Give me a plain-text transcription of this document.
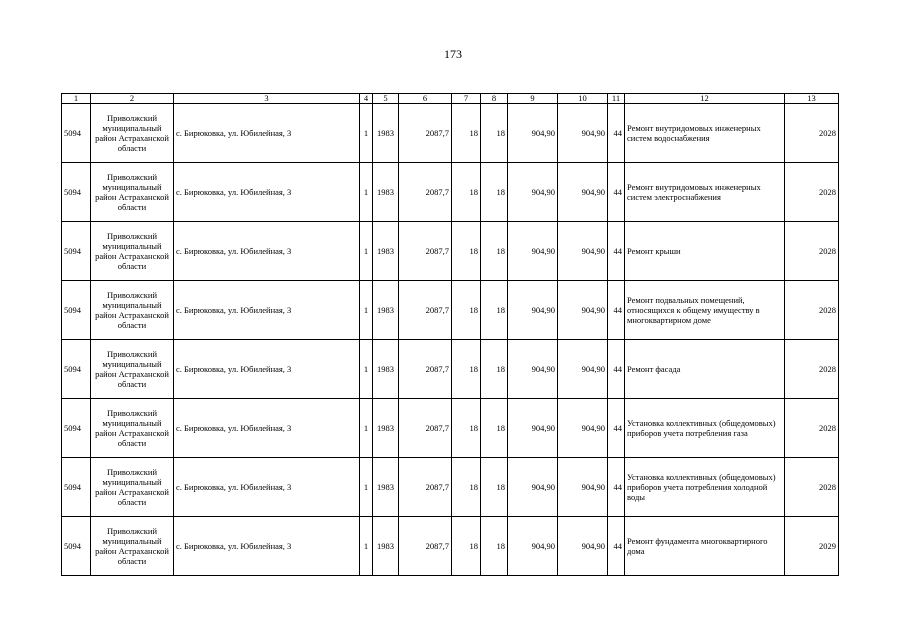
173
1	2	3	4	5	6	7	8	9	10	11	12	13
5094	Приволжский муниципальный район Астраханской области	с. Бирюковка, ул. Юбилейная, 3	1	1983	2087,7	18	18	904,90	904,90	44	Ремонт внутридомовых инженерных систем водоснабжения	2028
5094	Приволжский муниципальный район Астраханской области	с. Бирюковка, ул. Юбилейная, 3	1	1983	2087,7	18	18	904,90	904,90	44	Ремонт внутридомовых инженерных систем электроснабжения	2028
5094	Приволжский муниципальный район Астраханской области	с. Бирюковка, ул. Юбилейная, 3	1	1983	2087,7	18	18	904,90	904,90	44	Ремонт крыши	2028
5094	Приволжский муниципальный район Астраханской области	с. Бирюковка, ул. Юбилейная, 3	1	1983	2087,7	18	18	904,90	904,90	44	Ремонт подвальных помещений, относящихся к общему имуществу в многоквартирном доме	2028
5094	Приволжский муниципальный район Астраханской области	с. Бирюковка, ул. Юбилейная, 3	1	1983	2087,7	18	18	904,90	904,90	44	Ремонт фасада	2028
5094	Приволжский муниципальный район Астраханской области	с. Бирюковка, ул. Юбилейная, 3	1	1983	2087,7	18	18	904,90	904,90	44	Установка коллективных (общедомовых) приборов учета потребления газа	2028
5094	Приволжский муниципальный район Астраханской области	с. Бирюковка, ул. Юбилейная, 3	1	1983	2087,7	18	18	904,90	904,90	44	Установка коллективных (общедомовых) приборов учета потребления холодной воды	2028
5094	Приволжский муниципальный район Астраханской области	с. Бирюковка, ул. Юбилейная, 3	1	1983	2087,7	18	18	904,90	904,90	44	Ремонт фундамента многоквартирного дома	2029
